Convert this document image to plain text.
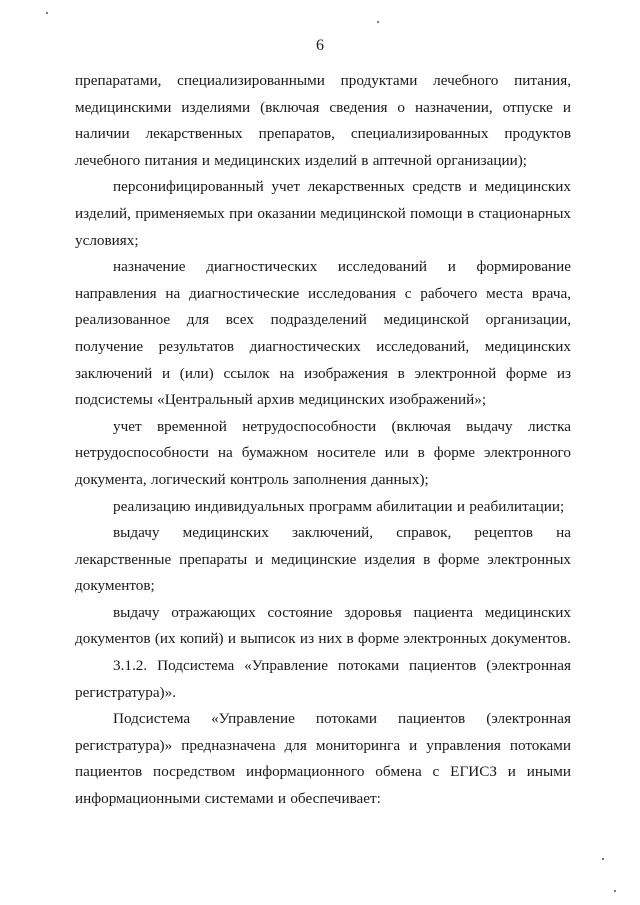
6

препаратами, специализированными продуктами лечебного питания, медицинскими изделиями (включая сведения о назначении, отпуске и наличии лекарственных препаратов, специализированных продуктов лечебного питания и медицинских изделий в аптечной организации);

персонифицированный учет лекарственных средств и медицинских изделий, применяемых при оказании медицинской помощи в стационарных условиях;

назначение диагностических исследований и формирование направления на диагностические исследования с рабочего места врача, реализованное для всех подразделений медицинской организации, получение результатов диагностических исследований, медицинских заключений и (или) ссылок на изображения в электронной форме из подсистемы «Центральный архив медицинских изображений»;

учет временной нетрудоспособности (включая выдачу листка нетрудоспособности на бумажном носителе или в форме электронного документа, логический контроль заполнения данных);

реализацию индивидуальных программ абилитации и реабилитации;

выдачу медицинских заключений, справок, рецептов на лекарственные препараты и медицинские изделия в форме электронных документов;

выдачу отражающих состояние здоровья пациента медицинских документов (их копий) и выписок из них в форме электронных документов.

3.1.2. Подсистема «Управление потоками пациентов (электронная регистратура)».

Подсистема «Управление потоками пациентов (электронная регистратура)» предназначена для мониторинга и управления потоками пациентов посредством информационного обмена с ЕГИСЗ и иными информационными системами и обеспечивает:
